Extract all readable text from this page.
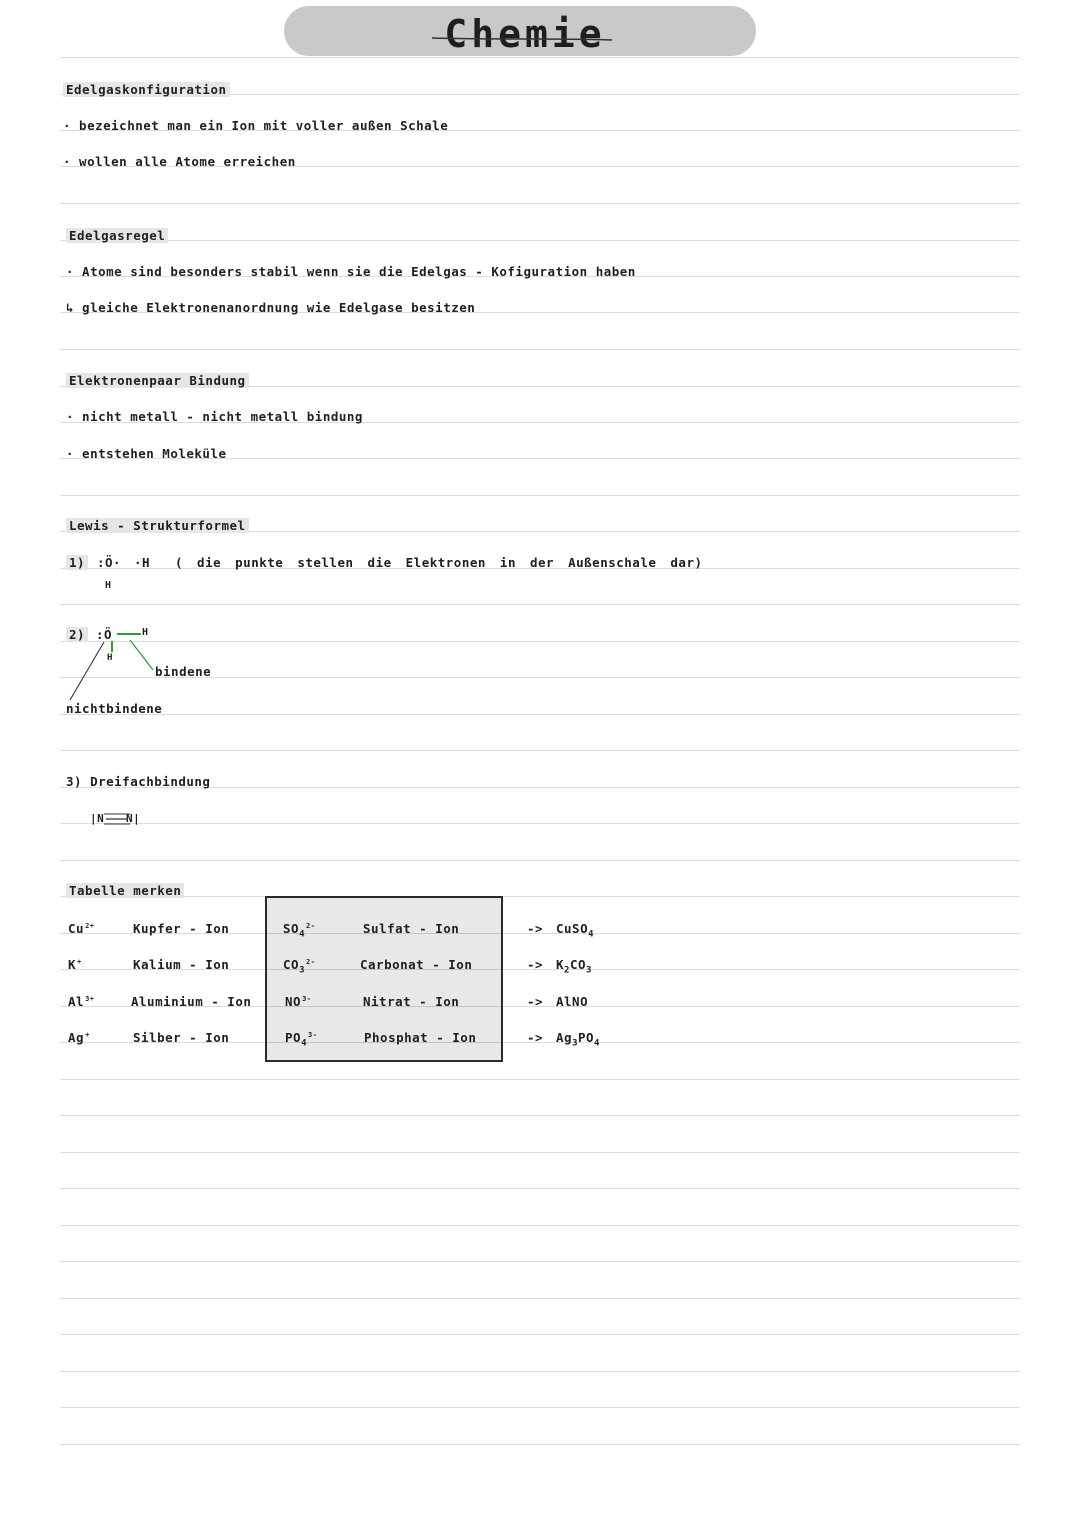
Chemie
Edelgaskonfiguration
· bezeichnet man ein Ion mit voller außen Schale
· wollen alle Atome erreichen
Edelgasregel
· Atome sind besonders stabil wenn sie die Edelgas - Kofiguration haben
↳ gleiche Elektronenanordnung wie Edelgase besitzen
Elektronenpaar Bindung
· nicht metall - nicht metall bindung
· entstehen Moleküle
Lewis - Strukturformel
1) :Ö· ·H
H
( die punkte stellen die Elektronen in der Außenschale dar)
2) :Ö	H
H
bindene
nichtbindene
3) Dreifachbindung
|N N|
Tabelle merken
$Cu^{2+}$	Kupfer - Ion	$SO_4^{2-}$	Sulfat - Ion	-> CuSO$_4$
K+	Kalium - Ion	$CO_3^{2-}$	Carbonat - Ion	-> $K_2CO_3$
$Al^{3+}$	Aluminium - Ion	$NO^{3-}$	Nitrat - Ion	-> AlNO
Ag+	Silber - Ion	$PO_4^{3-}$	Phosphat - Ion	-> $Ag_3PO_4$
